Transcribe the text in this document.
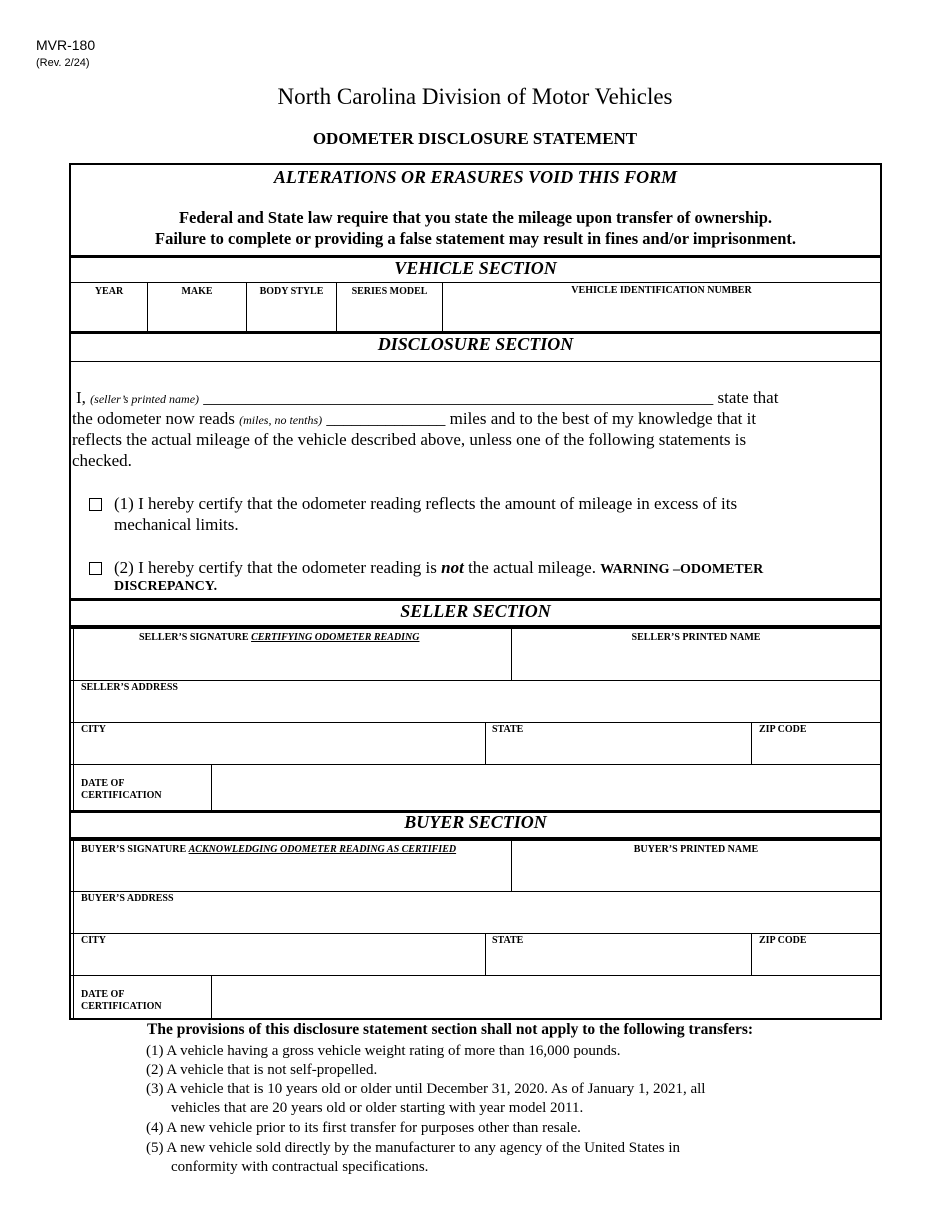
MVR-180
(Rev. 2/24)
North Carolina Division of Motor Vehicles
ODOMETER DISCLOSURE STATEMENT
ALTERATIONS OR ERASURES VOID THIS FORM
Federal and State law require that you state the mileage upon transfer of ownership.
Failure to complete or providing a false statement may result in fines and/or imprisonment.
VEHICLE SECTION
YEAR	MAKE	BODY STYLE	SERIES MODEL	VEHICLE IDENTIFICATION NUMBER
DISCLOSURE SECTION
I, (seller’s printed name) ____________________________________________________________ state that
the odometer now reads (miles, no tenths) ______________ miles and to the best of my knowledge that it
reflects the actual mileage of the vehicle described above, unless one of the following statements is
checked.
(1) I hereby certify that the odometer reading reflects the amount of mileage in excess of its
mechanical limits.
(2) I hereby certify that the odometer reading is not the actual mileage. WARNING –ODOMETER
DISCREPANCY.
SELLER SECTION
SELLER’S SIGNATURE CERTIFYING ODOMETER READING	SELLER’S PRINTED NAME
SELLER’S ADDRESS
CITY	STATE	ZIP CODE
DATE OF
CERTIFICATION
BUYER SECTION
BUYER’S SIGNATURE ACKNOWLEDGING ODOMETER READING AS CERTIFIED	BUYER’S PRINTED NAME
BUYER’S ADDRESS
CITY	STATE	ZIP CODE
DATE OF
CERTIFICATION
The provisions of this disclosure statement section shall not apply to the following transfers:
(1) A vehicle having a gross vehicle weight rating of more than 16,000 pounds.
(2) A vehicle that is not self-propelled.
(3) A vehicle that is 10 years old or older until December 31, 2020. As of January 1, 2021, all
vehicles that are 20 years old or older starting with year model 2011.
(4) A new vehicle prior to its first transfer for purposes other than resale.
(5) A new vehicle sold directly by the manufacturer to any agency of the United States in
conformity with contractual specifications.
